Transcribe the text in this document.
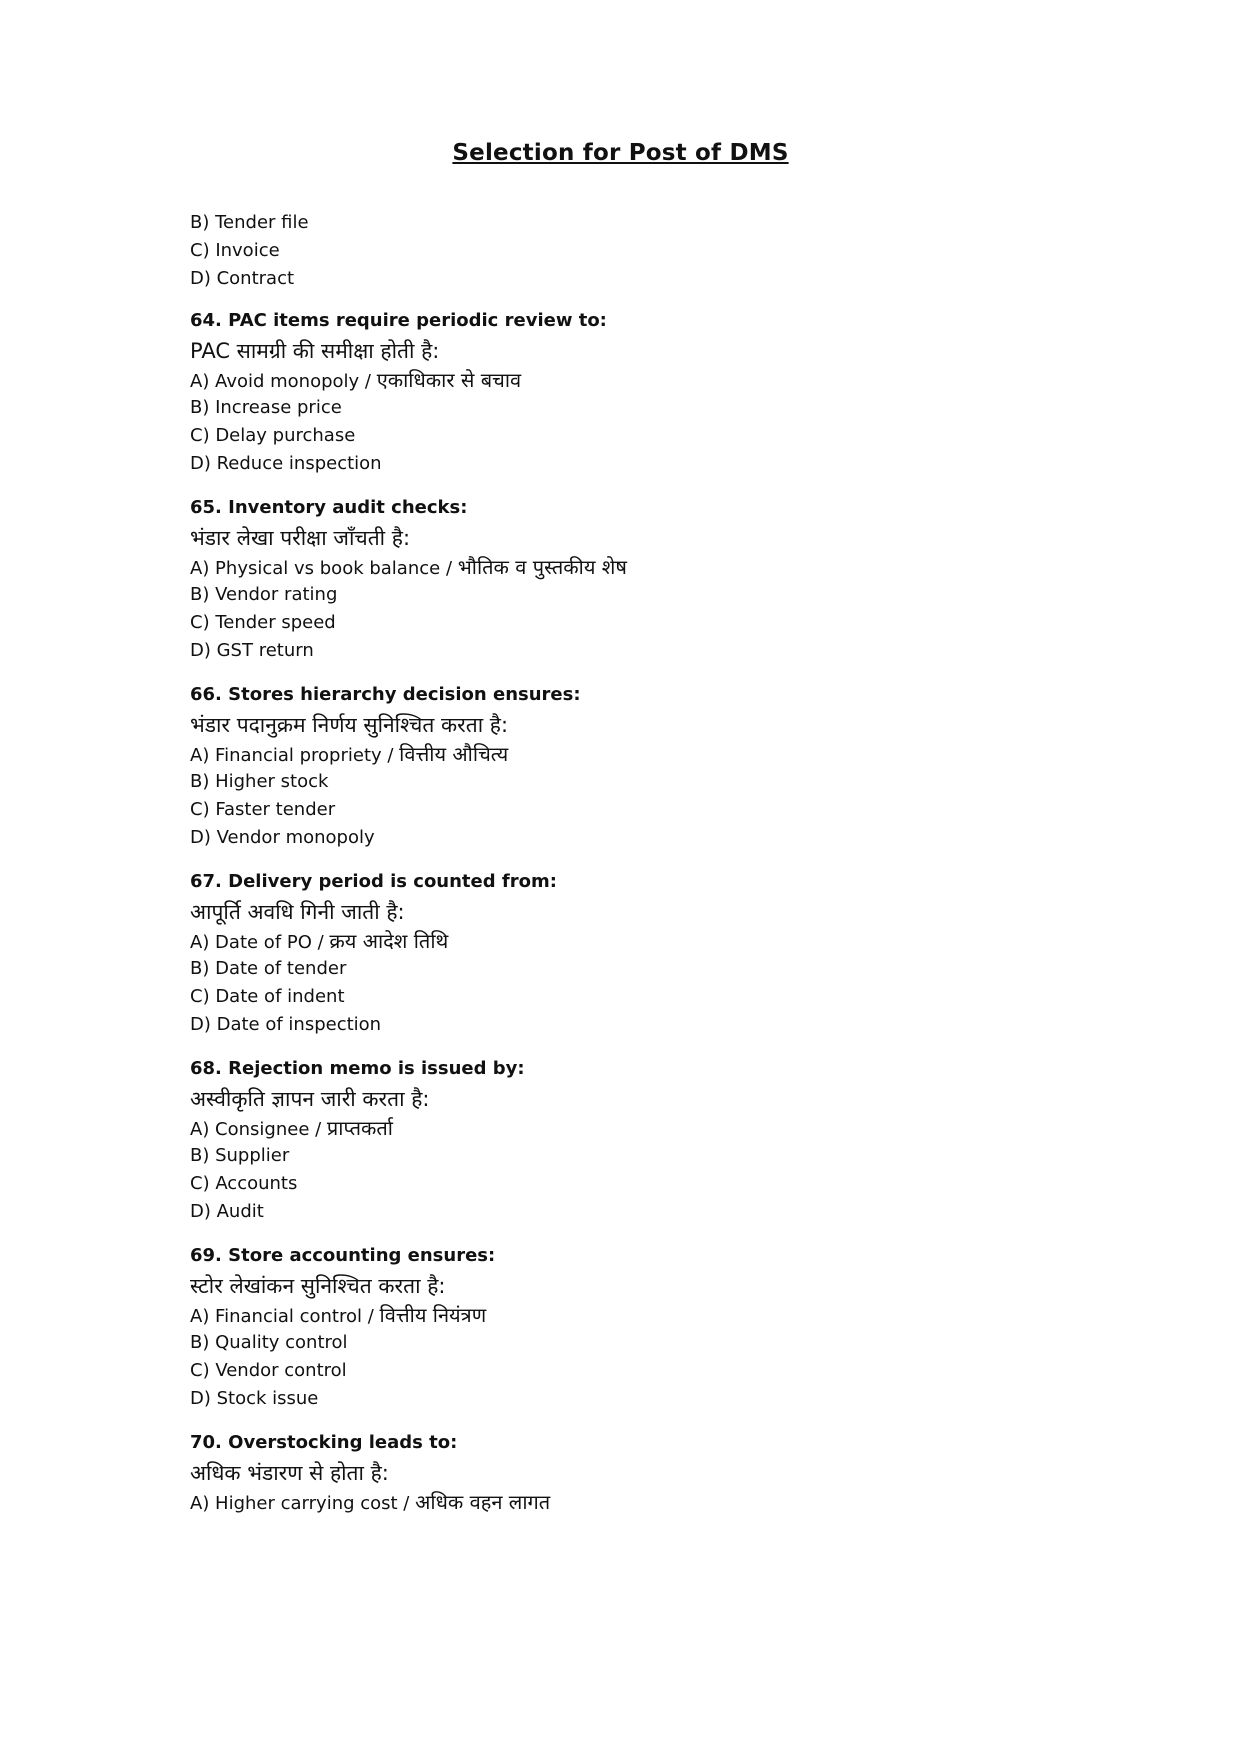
Selection for Post of DMS
B) Tender file
C) Invoice
D) Contract
64. PAC items require periodic review to:
PAC सामग्री की समीक्षा होती है:
A) Avoid monopoly / एकाधिकार से बचाव
B) Increase price
C) Delay purchase
D) Reduce inspection
65. Inventory audit checks:
भंडार लेखा परीक्षा जाँचती है:
A) Physical vs book balance / भौतिक व पुस्तकीय शेष
B) Vendor rating
C) Tender speed
D) GST return
66. Stores hierarchy decision ensures:
भंडार पदानुक्रम निर्णय सुनिश्चित करता है:
A) Financial propriety / वित्तीय औचित्य
B) Higher stock
C) Faster tender
D) Vendor monopoly
67. Delivery period is counted from:
आपूर्ति अवधि गिनी जाती है:
A) Date of PO / क्रय आदेश तिथि
B) Date of tender
C) Date of indent
D) Date of inspection
68. Rejection memo is issued by:
अस्वीकृति ज्ञापन जारी करता है:
A) Consignee / प्राप्तकर्ता
B) Supplier
C) Accounts
D) Audit
69. Store accounting ensures:
स्टोर लेखांकन सुनिश्चित करता है:
A) Financial control / वित्तीय नियंत्रण
B) Quality control
C) Vendor control
D) Stock issue
70. Overstocking leads to:
अधिक भंडारण से होता है:
A) Higher carrying cost / अधिक वहन लागत
